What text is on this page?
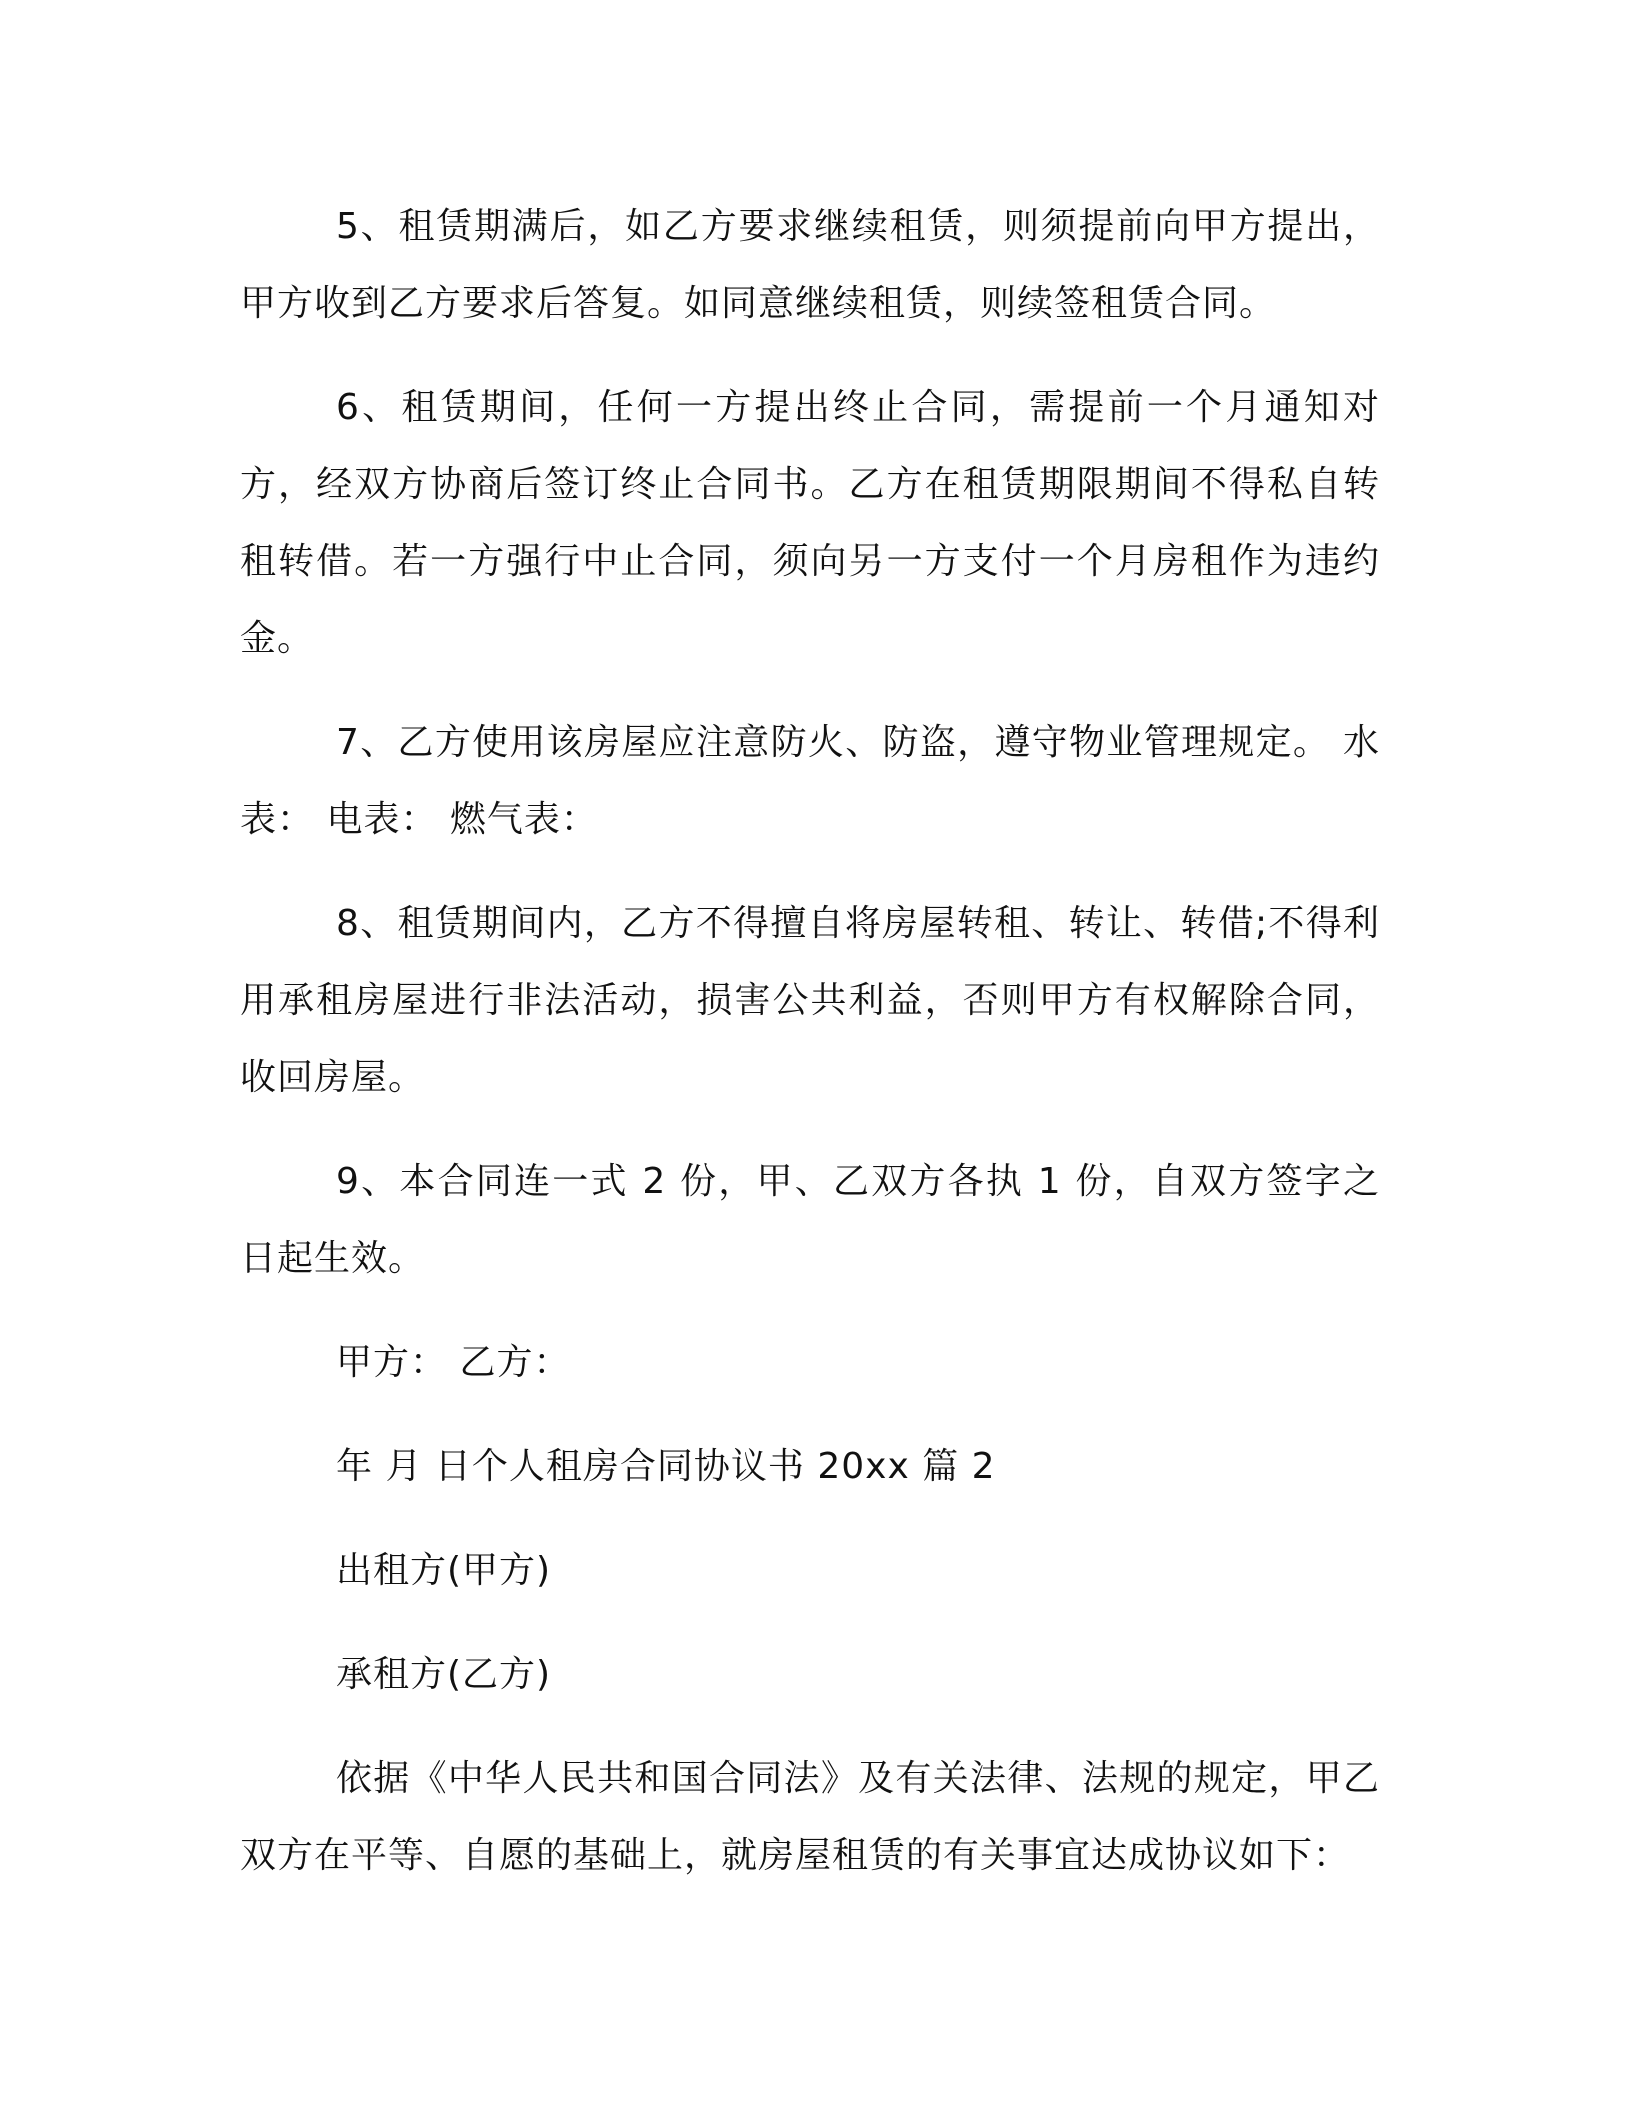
5、租赁期满后，如乙方要求继续租赁，则须提前向甲方提出，甲方收到乙方要求后答复。如同意继续租赁，则续签租赁合同。

6、租赁期间，任何一方提出终止合同，需提前一个月通知对方，经双方协商后签订终止合同书。乙方在租赁期限期间不得私自转租转借。若一方强行中止合同，须向另一方支付一个月房租作为违约金。

7、乙方使用该房屋应注意防火、防盗，遵守物业管理规定。 水表： 电表： 燃气表：

8、租赁期间内，乙方不得擅自将房屋转租、转让、转借;不得利用承租房屋进行非法活动，损害公共利益，否则甲方有权解除合同，收回房屋。

9、本合同连一式 2 份，甲、乙双方各执 1 份，自双方签字之日起生效。

甲方： 乙方：

年 月 日个人租房合同协议书 20xx 篇 2

出租方(甲方)

承租方(乙方)

依据《中华人民共和国合同法》及有关法律、法规的规定，甲乙双方在平等、自愿的基础上，就房屋租赁的有关事宜达成协议如下：
